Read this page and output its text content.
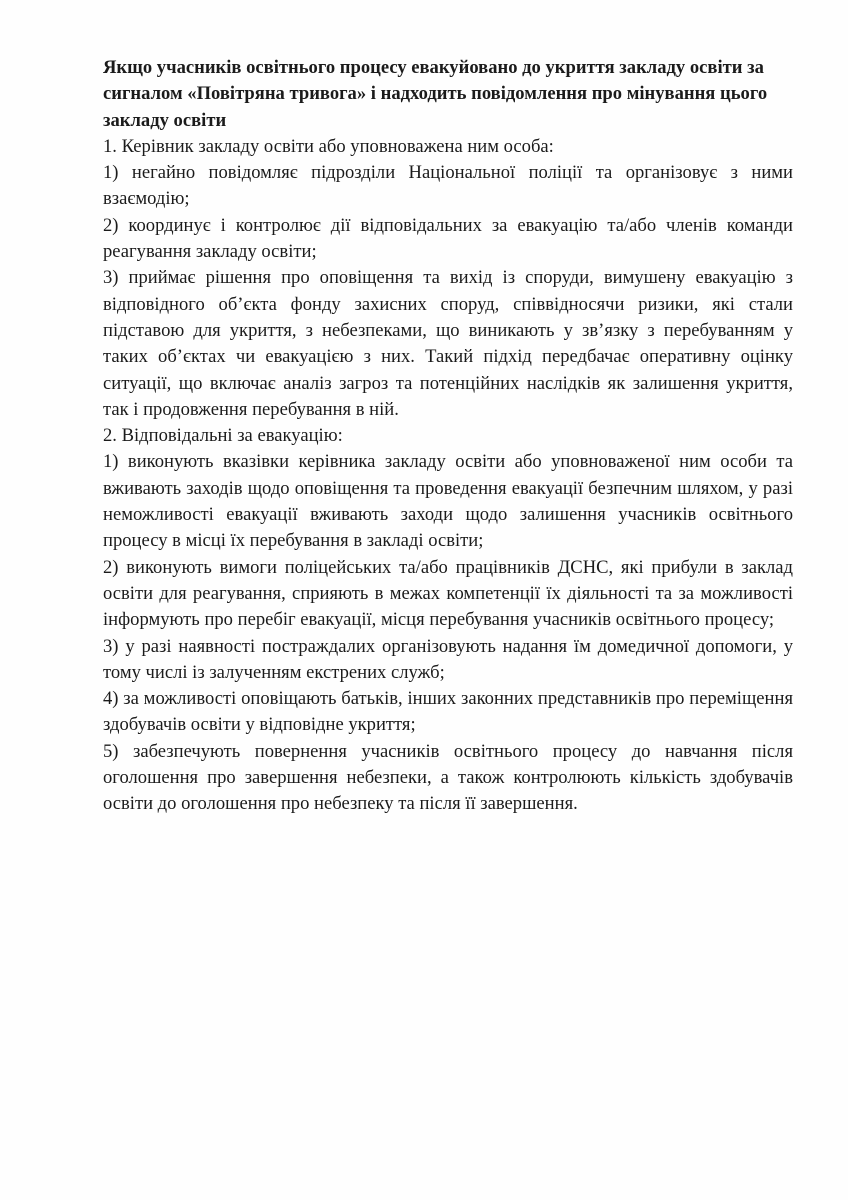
Якщо учасників освітнього процесу евакуйовано до укриття закладу освіти за сигналом «Повітряна тривога» і надходить повідомлення про мінування цього закладу освіти

1. Керівник закладу освіти або уповноважена ним особа:

1) негайно повідомляє підрозділи Національної поліції та організовує з ними взаємодію;

2) координує і контролює дії відповідальних за евакуацію та/або членів команди реагування закладу освіти;

3) приймає рішення про оповіщення та вихід із споруди, вимушену евакуацію з відповідного об’єкта фонду захисних споруд, співвідносячи ризики, які стали підставою для укриття, з небезпеками, що виникають у зв’язку з перебуванням у таких об’єктах чи евакуацією з них. Такий підхід передбачає оперативну оцінку ситуації, що включає аналіз загроз та потенційних наслідків як залишення укриття, так і продовження перебування в ній.

2. Відповідальні за евакуацію:

1) виконують вказівки керівника закладу освіти або уповноваженої ним особи та вживають заходів щодо оповіщення та проведення евакуації безпечним шляхом, у разі неможливості евакуації вживають заходи щодо залишення учасників освітнього процесу в місці їх перебування в закладі освіти;

2) виконують вимоги поліцейських та/або працівників ДСНС, які прибули в заклад освіти для реагування, сприяють в межах компетенції їх діяльності та за можливості інформують про перебіг евакуації, місця перебування учасників освітнього процесу;

3) у разі наявності постраждалих організовують надання їм домедичної допомоги, у тому числі із залученням екстрених служб;

4) за можливості оповіщають батьків, інших законних представників про переміщення здобувачів освіти у відповідне укриття;

5) забезпечують повернення учасників освітнього процесу до навчання після оголошення про завершення небезпеки, а також контролюють кількість здобувачів освіти до оголошення про небезпеку та після її завершення.
